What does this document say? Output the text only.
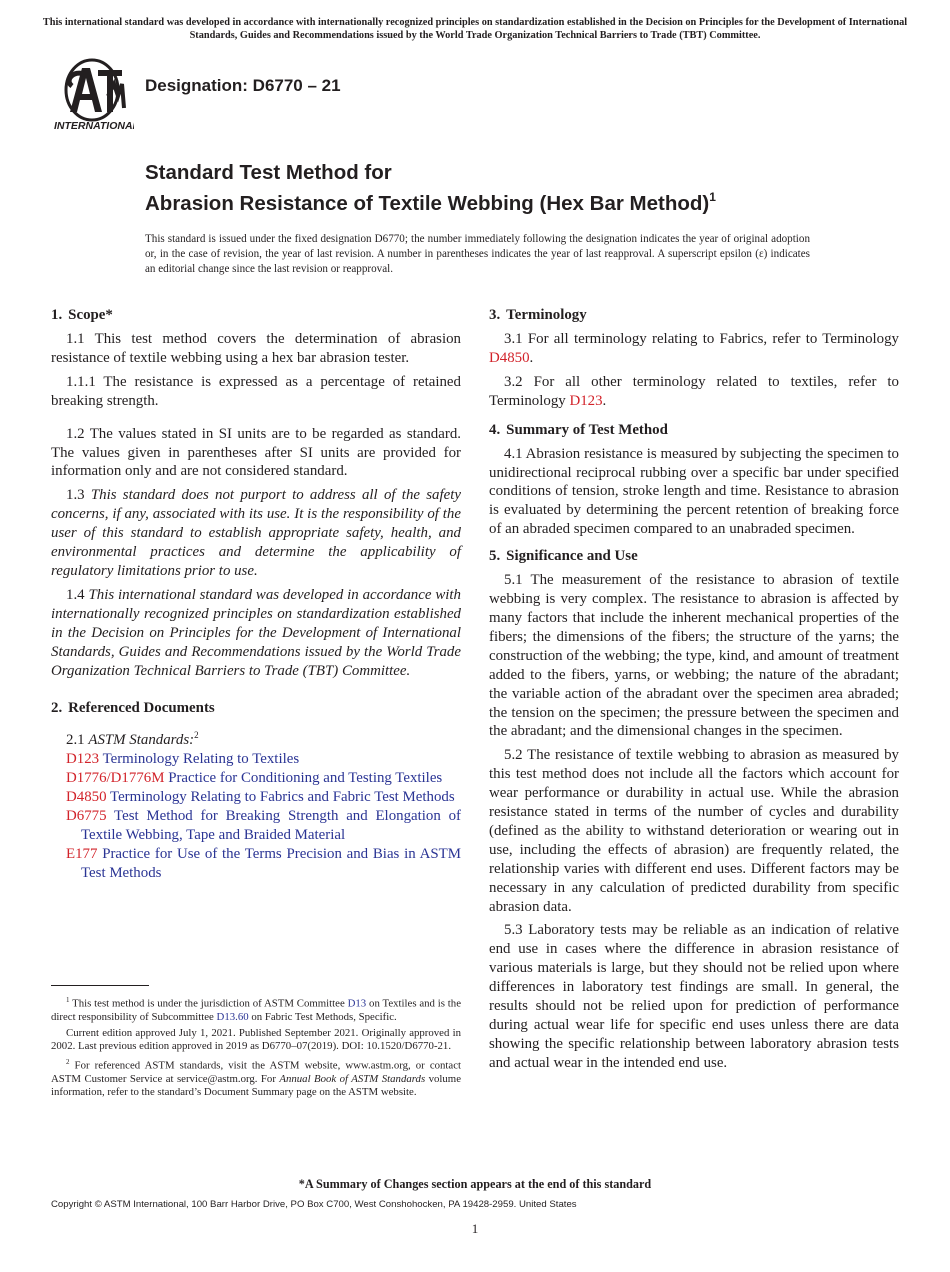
This international standard was developed in accordance with internationally recognized principles on standardization established in the Decision on Principles for the Development of International Standards, Guides and Recommendations issued by the World Trade Organization Technical Barriers to Trade (TBT) Committee.
INTERNATIONAL
Designation: D6770 – 21
Standard Test Method for
Abrasion Resistance of Textile Webbing (Hex Bar Method)$^1$
This standard is issued under the fixed designation D6770; the number immediately following the designation indicates the year of original adoption or, in the case of revision, the year of last revision. A number in parentheses indicates the year of last reapproval. A superscript epsilon (ε) indicates an editorial change since the last revision or reapproval.
1. Scope*

1.1 This test method covers the determination of abrasion resistance of textile webbing using a hex bar abrasion tester.

1.1.1 The resistance is expressed as a percentage of retained breaking strength.

1.2 The values stated in SI units are to be regarded as standard. The values given in parentheses after SI units are provided for information only and are not considered standard.

1.3 This standard does not purport to address all of the safety concerns, if any, associated with its use. It is the responsibility of the user of this standard to establish appropriate safety, health, and environmental practices and determine the applicability of regulatory limitations prior to use.

1.4 This international standard was developed in accordance with internationally recognized principles on standardization established in the Decision on Principles for the Development of International Standards, Guides and Recommendations issued by the World Trade Organization Technical Barriers to Trade (TBT) Committee.

2. Referenced Documents
2.1 ASTM Standards:$^2$
D123 Terminology Relating to Textiles
D1776/D1776M Practice for Conditioning and Testing Textiles
D4850 Terminology Relating to Fabrics and Fabric Test Methods
D6775 Test Method for Breaking Strength and Elongation of Textile Webbing, Tape and Braided Material
E177 Practice for Use of the Terms Precision and Bias in ASTM Test Methods
3. Terminology

3.1 For all terminology relating to Fabrics, refer to Terminology D4850.

3.2 For all other terminology related to textiles, refer to Terminology D123.

4. Summary of Test Method

4.1 Abrasion resistance is measured by subjecting the specimen to unidirectional reciprocal rubbing over a specific bar under specified conditions of tension, stroke length and time. Resistance to abrasion is evaluated by determining the percent retention of breaking force of an abraded specimen compared to an unabraded specimen.

5. Significance and Use

5.1 The measurement of the resistance to abrasion of textile webbing is very complex. The resistance to abrasion is affected by many factors that include the inherent mechanical properties of the fibers; the dimensions of the fibers; the structure of the yarns; the construction of the webbing; the type, kind, and amount of treatment added to the fibers, yarns, or webbing; the nature of the abradant; the variable action of the abradant over the specimen area abraded; the tension on the specimen; the pressure between the specimen and the abradant; and the dimensional changes in the specimen.

5.2 The resistance of textile webbing to abrasion as measured by this test method does not include all the factors which account for wear performance or durability in actual use. While the abrasion resistance stated in terms of the number of cycles and durability (defined as the ability to withstand deterioration or wearing out in use, including the effects of abrasion) are frequently related, the relationship varies with different end uses. Different factors may be necessary in any calculation of predicted durability from specific abrasion data.

5.3 Laboratory tests may be reliable as an indication of relative end use in cases where the difference in abrasion resistance of various materials is large, but they should not be relied upon where differences in laboratory test findings are small. In general, the results should not be relied upon for prediction of performance during actual wear life for specific end uses unless there are data showing the specific relationship between laboratory abrasion tests and actual wear in the intended end use.

$^1$ This test method is under the jurisdiction of ASTM Committee D13 on Textiles and is the direct responsibility of Subcommittee D13.60 on Fabric Test Methods, Specific.

Current edition approved July 1, 2021. Published September 2021. Originally approved in 2002. Last previous edition approved in 2019 as D6770–07(2019). DOI: 10.1520/D6770-21.

$^2$ For referenced ASTM standards, visit the ASTM website, www.astm.org, or contact ASTM Customer Service at service@astm.org. For Annual Book of ASTM Standards volume information, refer to the standard’s Document Summary page on the ASTM website.

*A Summary of Changes section appears at the end of this standard
Copyright © ASTM International, 100 Barr Harbor Drive, PO Box C700, West Conshohocken, PA 19428-2959. United States
1
